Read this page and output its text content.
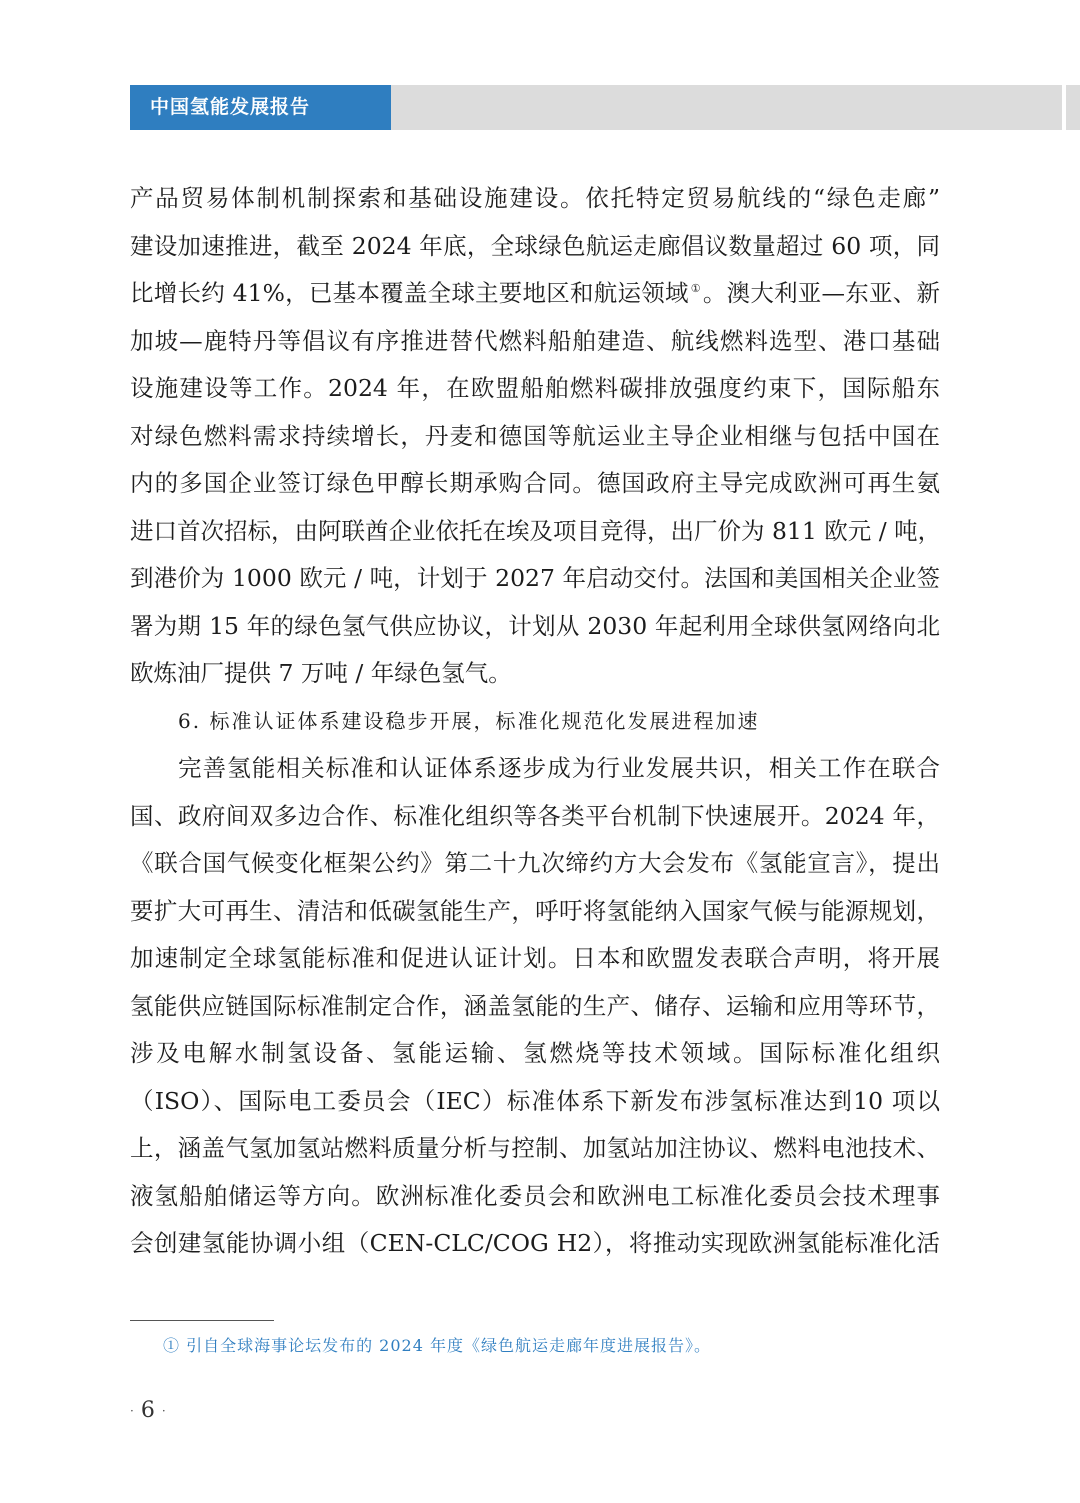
中国氢能发展报告
产品贸易体制机制探索和基础设施建设。依托特定贸易航线的“绿色走廊”
建设加速推进，截至 2024 年底，全球绿色航运走廊倡议数量超过 60 项，同
比增长约 41%，已基本覆盖全球主要地区和航运领域 ①。澳大利亚—东亚、新
加坡—鹿特丹等倡议有序推进替代燃料船舶建造、航线燃料选型、港口基础
设施建设等工作。2024 年，在欧盟船舶燃料碳排放强度约束下，国际船东
对绿色燃料需求持续增长，丹麦和德国等航运业主导企业相继与包括中国在
内的多国企业签订绿色甲醇长期承购合同。德国政府主导完成欧洲可再生氨
进口首次招标，由阿联酋企业依托在埃及项目竞得，出厂价为 811 欧元 / 吨，
到港价为 1000 欧元 / 吨，计划于 2027 年启动交付。法国和美国相关企业签
署为期 15 年的绿色氢气供应协议，计划从 2030 年起利用全球供氢网络向北
欧炼油厂提供 7 万吨 / 年绿色氢气。
6. 标准认证体系建设稳步开展，标准化规范化发展进程加速
完善氢能相关标准和认证体系逐步成为行业发展共识，相关工作在联合
国、政府间双多边合作、标准化组织等各类平台机制下快速展开。2024 年，
《联合国气候变化框架公约》第二十九次缔约方大会发布《氢能宣言》，提出
要扩大可再生、清洁和低碳氢能生产，呼吁将氢能纳入国家气候与能源规划，
加速制定全球氢能标准和促进认证计划。日本和欧盟发表联合声明，将开展
氢能供应链国际标准制定合作，涵盖氢能的生产、储存、运输和应用等环节，
涉及电解水制氢设备、氢能运输、氢燃烧等技术领域。国际标准化组织
（ISO）、国际电工委员会（IEC）标准体系下新发布涉氢标准达到10 项以
上，涵盖气氢加氢站燃料质量分析与控制、加氢站加注协议、燃料电池技术、
液氢船舶储运等方向。欧洲标准化委员会和欧洲电工标准化委员会技术理事
会创建氢能协调小组（CEN-CLC/COG H2），将推动实现欧洲氢能标准化活
① 引自全球海事论坛发布的 2024 年度《绿色航运走廊年度进展报告》。
· 6 ·
